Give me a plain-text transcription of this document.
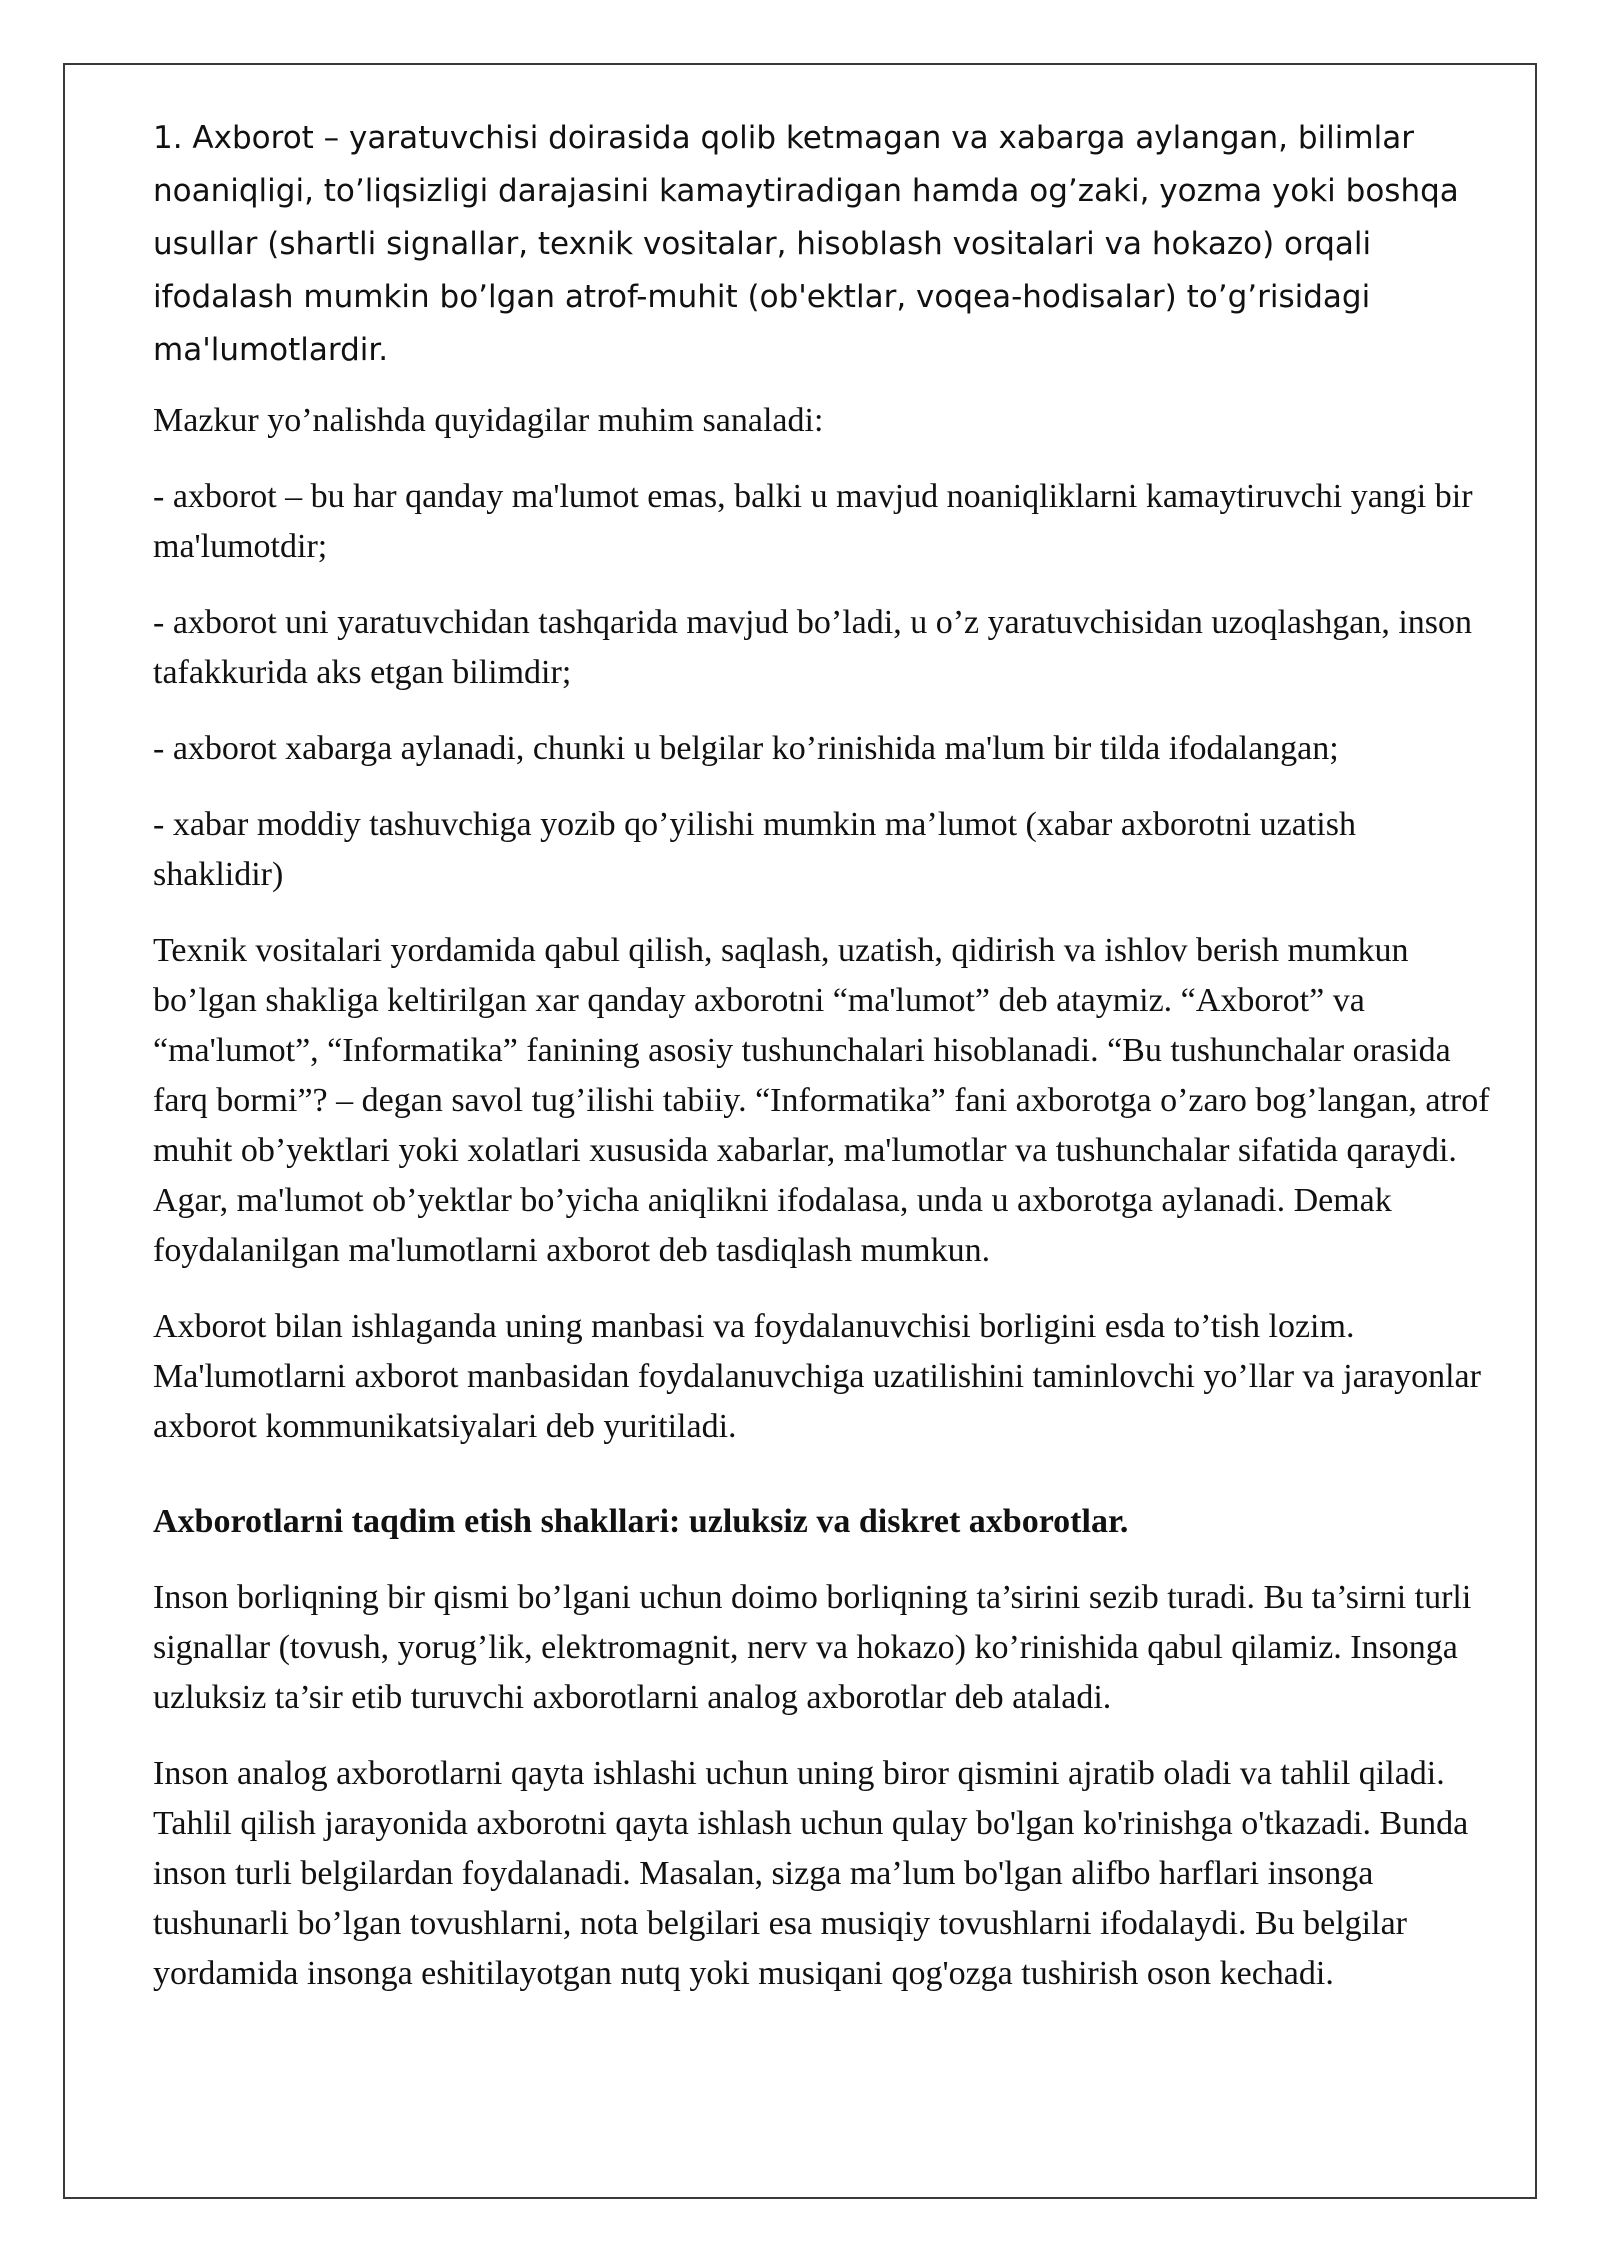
1. Axborot – yaratuvchisi doirasida qolib ketmagan va xabarga aylangan, bilimlar noaniqligi, to’liqsizligi darajasini kamaytiradigan hamda og’zaki, yozma yoki boshqa usullar (shartli signallar, texnik vositalar, hisoblash vositalari va hokazo) orqali ifodalash mumkin bo’lgan atrof-muhit (ob'ektlar, voqea-hodisalar) to’g’risidagi ma'lumotlardir.

Mazkur yo’nalishda quyidagilar muhim sanaladi:

- axborot – bu har qanday ma'lumot emas, balki u mavjud noaniqliklarni kamaytiruvchi yangi bir ma'lumotdir;

- axborot uni yaratuvchidan tashqarida mavjud bo’ladi, u o’z yaratuvchisidan uzoqlashgan, inson tafakkurida aks etgan bilimdir;

- axborot xabarga aylanadi, chunki u belgilar ko’rinishida ma'lum bir tilda ifodalangan;

- xabar moddiy tashuvchiga yozib qo’yilishi mumkin ma’lumot (xabar axborotni uzatish shaklidir)

Texnik vositalari yordamida qabul qilish, saqlash, uzatish, qidirish va ishlov berish mumkun bo’lgan shakliga keltirilgan xar qanday axborotni “ma'lumot” deb ataymiz. “Axborot” va “ma'lumot”, “Informatika” fanining asosiy tushunchalari hisoblanadi. “Bu tushunchalar orasida farq bormi”? – degan savol tug’ilishi tabiiy. “Informatika” fani axborotga o’zaro bog’langan, atrof muhit ob’yektlari yoki xolatlari xususida xabarlar, ma'lumotlar va tushunchalar sifatida qaraydi. Agar, ma'lumot ob’yektlar bo’yicha aniqlikni ifodalasa, unda u axborotga aylanadi. Demak foydalanilgan ma'lumotlarni axborot deb tasdiqlash mumkun.

Axborot bilan ishlaganda uning manbasi va foydalanuvchisi borligini esda to’tish lozim. Ma'lumotlarni axborot manbasidan foydalanuvchiga uzatilishini taminlovchi yo’llar va jarayonlar axborot kommunikatsiyalari deb yuritiladi.

Axborotlarni taqdim etish shakllari: uzluksiz va diskret axborotlar.

Inson borliqning bir qismi bo’lgani uchun doimo borliqning ta’sirini sezib turadi. Bu ta’sirni turli signallar (tovush, yorug’lik, elektromagnit, nerv va hokazo) ko’rinishida qabul qilamiz. Insonga uzluksiz ta’sir etib turuvchi axborotlarni analog axborotlar deb ataladi.

Inson analog axborotlarni qayta ishlashi uchun uning biror qismini ajratib oladi va tahlil qiladi. Tahlil qilish jarayonida axborotni qayta ishlash uchun qulay bo'lgan ko'rinishga o'tkazadi. Bunda inson turli belgilardan foydalanadi. Masalan, sizga ma’lum bo'lgan alifbo harflari insonga tushunarli bo’lgan tovushlarni, nota belgilari esa musiqiy tovushlarni ifodalaydi. Bu belgilar yordamida insonga eshitilayotgan nutq yoki musiqani qog'ozga tushirish oson kechadi.
